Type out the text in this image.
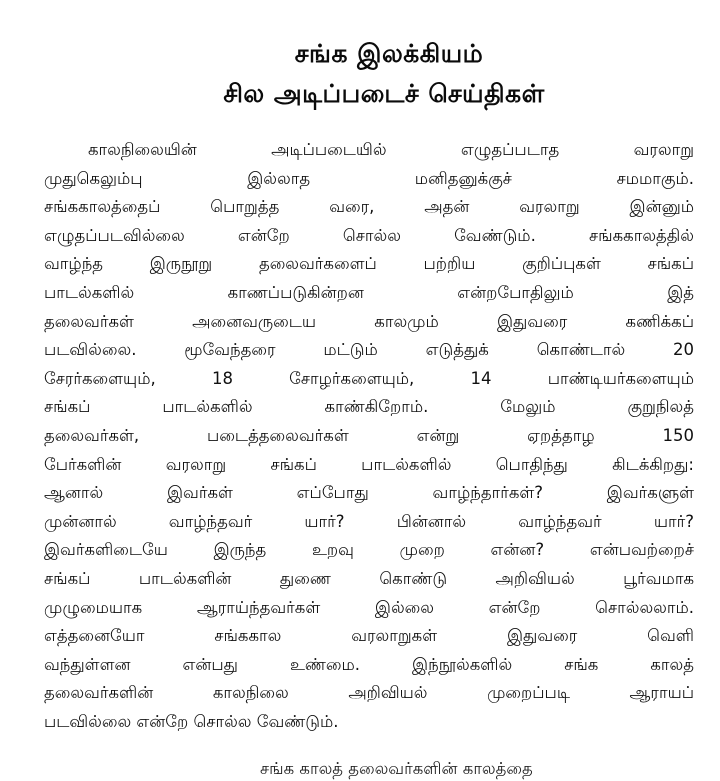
சங்க இலக்கியம்
சில அடிப்படைச் செய்திகள்
காலநிலையின் அடிப்படையில் எழுதப்படாத வரலாறு
முதுகெலும்பு இல்லாத மனிதனுக்குச் சமமாகும்.
சங்ககாலத்தைப் பொறுத்த வரை, அதன் வரலாறு இன்னும்
எழுதப்படவில்லை என்றே சொல்ல வேண்டும். சங்ககாலத்தில்
வாழ்ந்த இருநூறு தலைவர்களைப் பற்றிய குறிப்புகள் சங்கப்
பாடல்களில் காணப்படுகின்றன என்றபோதிலும் இத்
தலைவர்கள் அனைவருடைய காலமும் இதுவரை கணிக்கப்
படவில்லை. மூவேந்தரை மட்டும் எடுத்துக் கொண்டால் 20
சேரர்களையும், 18 சோழர்களையும், 14 பாண்டியர்களையும்
சங்கப் பாடல்களில் காண்கிறோம். மேலும் குறுநிலத்
தலைவர்கள், படைத்தலைவர்கள் என்று ஏறத்தாழ 150
பேர்களின் வரலாறு சங்கப் பாடல்களில் பொதிந்து கிடக்கிறது:
ஆனால் இவர்கள் எப்போது வாழ்ந்தார்கள்? இவர்களுள்
முன்னால் வாழ்ந்தவர் யார்? பின்னால் வாழ்ந்தவர் யார்?
இவர்களிடையே இருந்த உறவு முறை என்ன? என்பவற்றைச்
சங்கப் பாடல்களின் துணை கொண்டு அறிவியல் பூர்வமாக
முழுமையாக ஆராய்ந்தவர்கள் இல்லை என்றே சொல்லலாம்.
எத்தனையோ சங்ககால வரலாறுகள் இதுவரை வெளி
வந்துள்ளன என்பது உண்மை. இந்நூல்களில் சங்க காலத்
தலைவர்களின் காலநிலை அறிவியல் முறைப்படி ஆராயப்
படவில்லை என்றே சொல்ல வேண்டும்.
சங்க காலத் தலைவர்களின் காலத்தை
